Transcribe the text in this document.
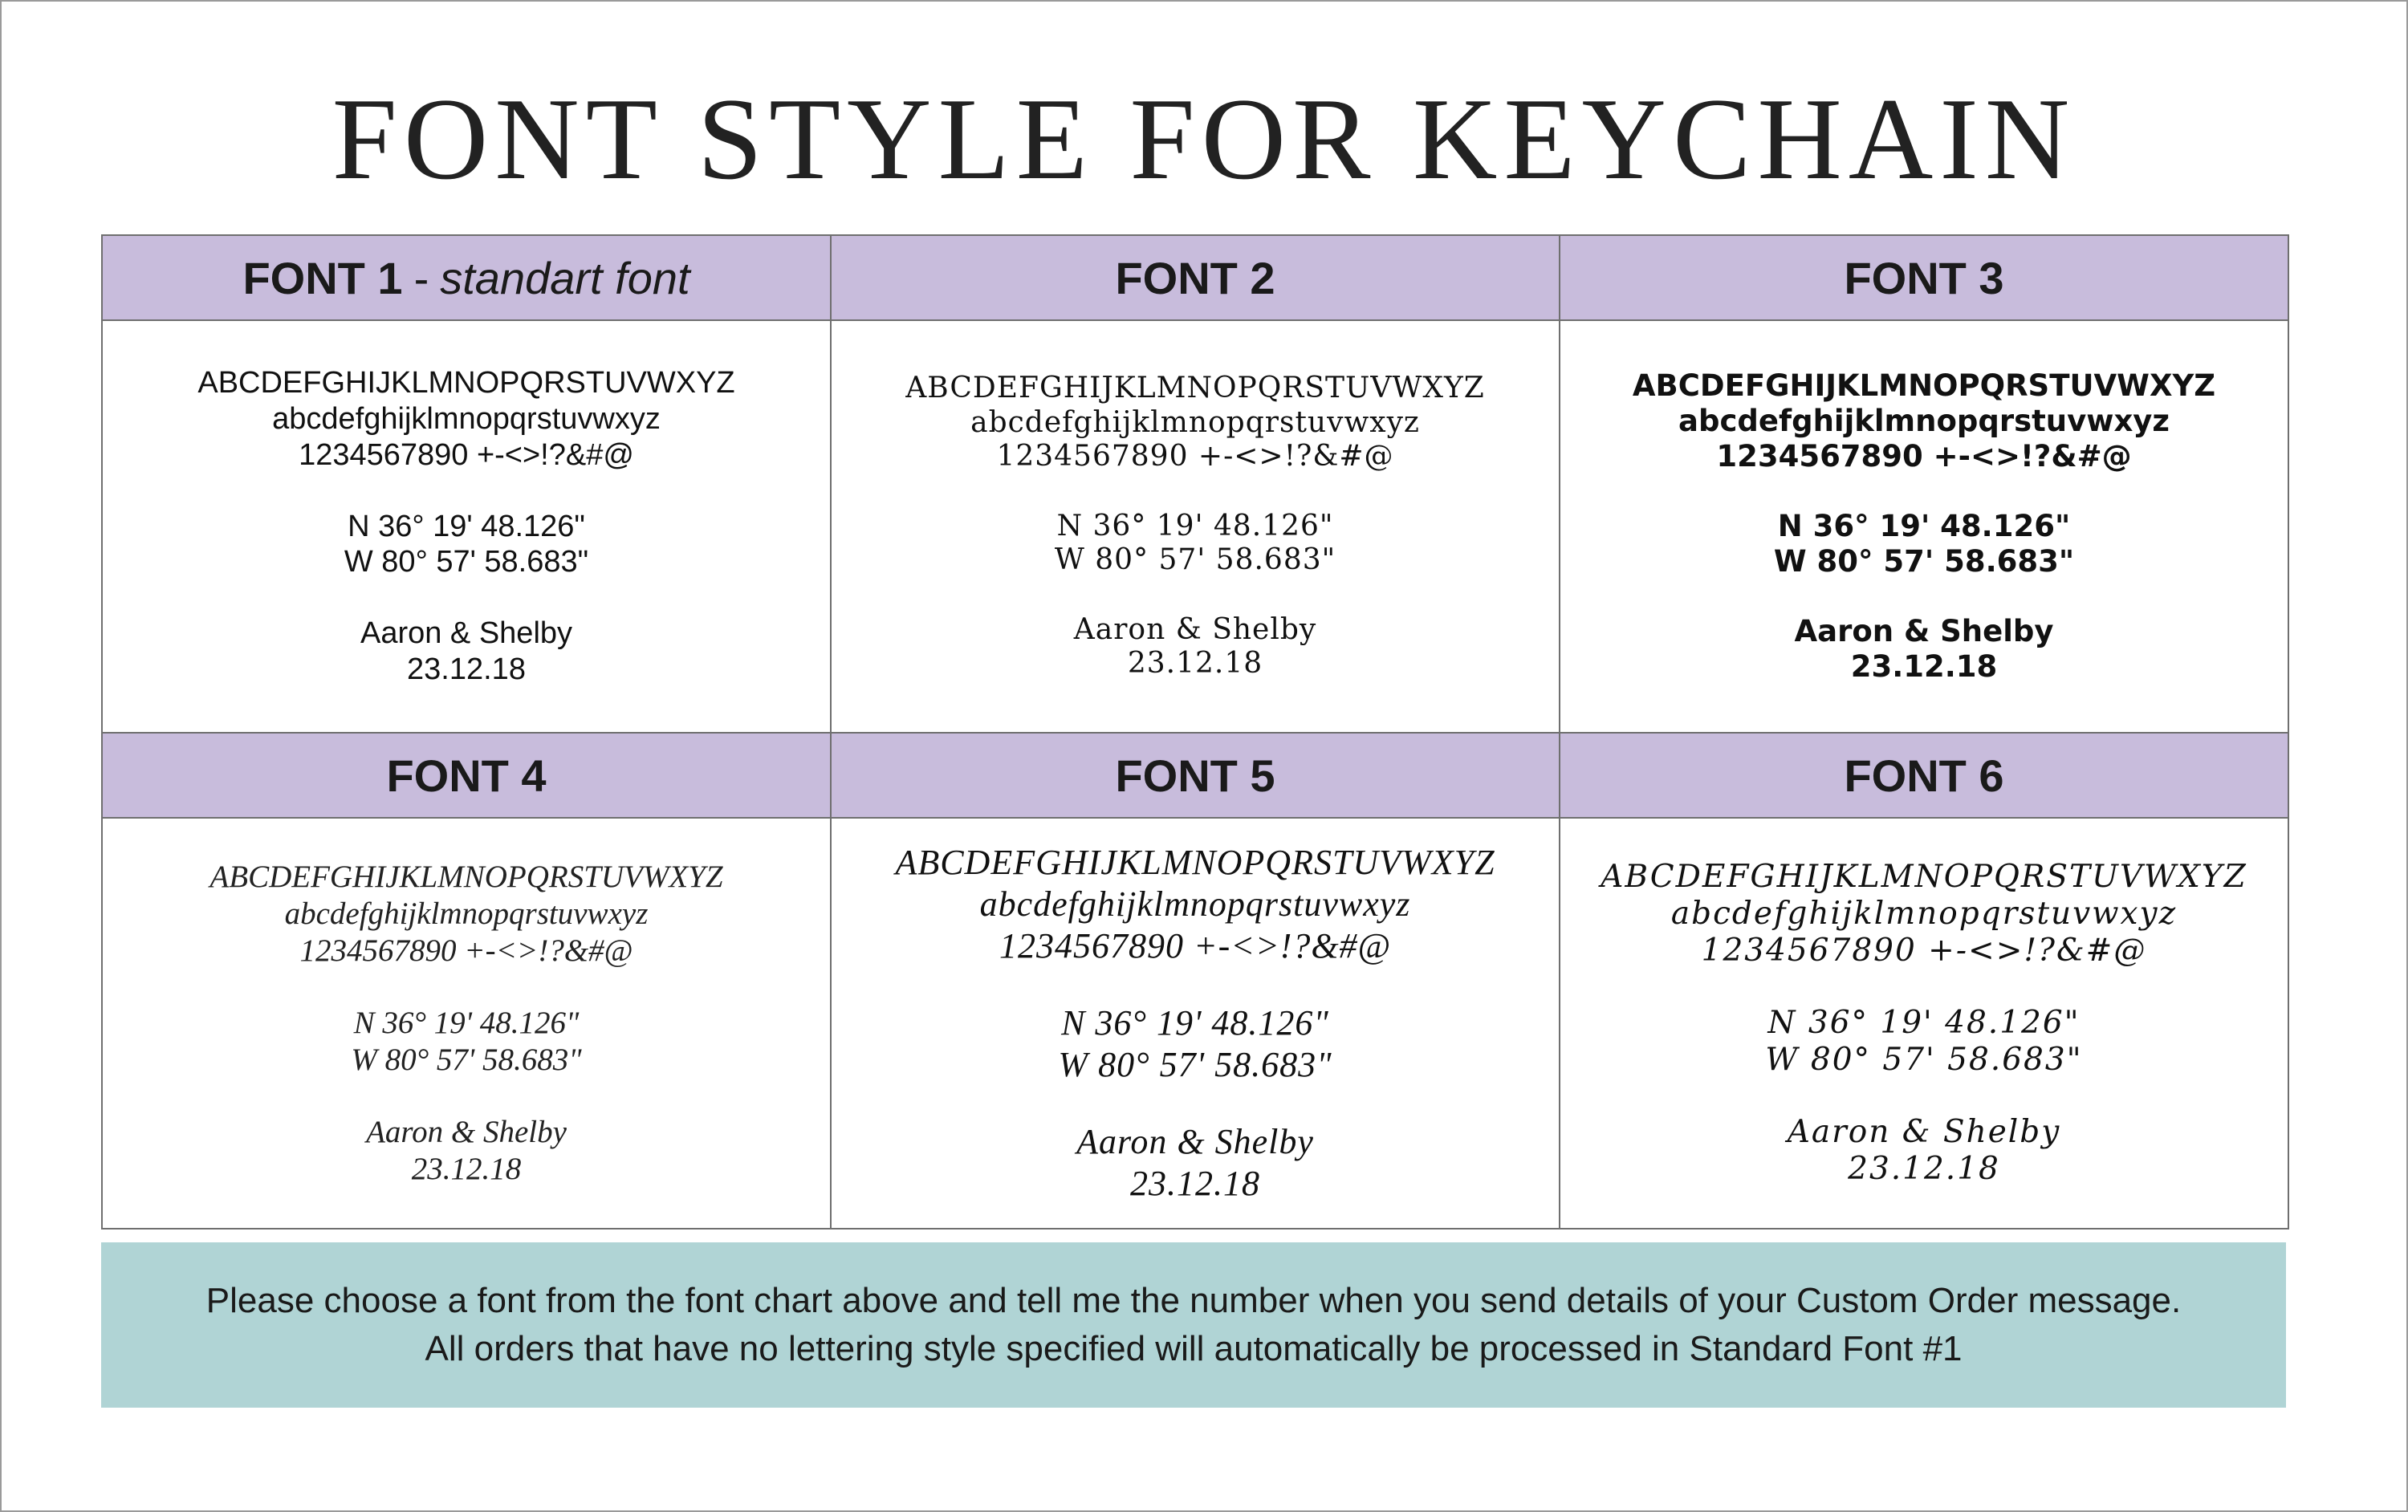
FONT STYLE FOR KEYCHAIN
FONT 1 - standart font
ABCDEFGHIJKLMNOPQRSTUVWXYZ
abcdefghijklmnopqrstuvwxyz
1234567890 +-<>!?&#@
N 36° 19' 48.126"
W 80° 57' 58.683"
Aaron & Shelby
23.12.18
FONT 2
ABCDEFGHIJKLMNOPQRSTUVWXYZ
abcdefghijklmnopqrstuvwxyz
1234567890 +-<>!?&#@
N 36° 19' 48.126"
W 80° 57' 58.683"
Aaron & Shelby
23.12.18
FONT 3
ABCDEFGHIJKLMNOPQRSTUVWXYZ
abcdefghijklmnopqrstuvwxyz
1234567890 +-<>!?&#@
N 36° 19' 48.126"
W 80° 57' 58.683"
Aaron & Shelby
23.12.18
FONT 4
ABCDEFGHIJKLMNOPQRSTUVWXYZ
abcdefghijklmnopqrstuvwxyz
1234567890 +-<>!?&#@
N 36° 19' 48.126"
W 80° 57' 58.683"
Aaron & Shelby
23.12.18
FONT 5
ABCDEFGHIJKLMNOPQRSTUVWXYZ
abcdefghijklmnopqrstuvwxyz
1234567890 +-<>!?&#@
N 36° 19' 48.126"
W 80° 57' 58.683"
Aaron & Shelby
23.12.18
FONT 6
ABCDEFGHIJKLMNOPQRSTUVWXYZ
abcdefghijklmnopqrstuvwxyz
1234567890 +-<>!?&#@
N 36° 19' 48.126"
W 80° 57' 58.683"
Aaron & Shelby
23.12.18
Please choose a font from the font chart above and tell me the number when you send details of your Custom Order message.
All orders that have no lettering style specified will automatically be processed in Standard Font #1
